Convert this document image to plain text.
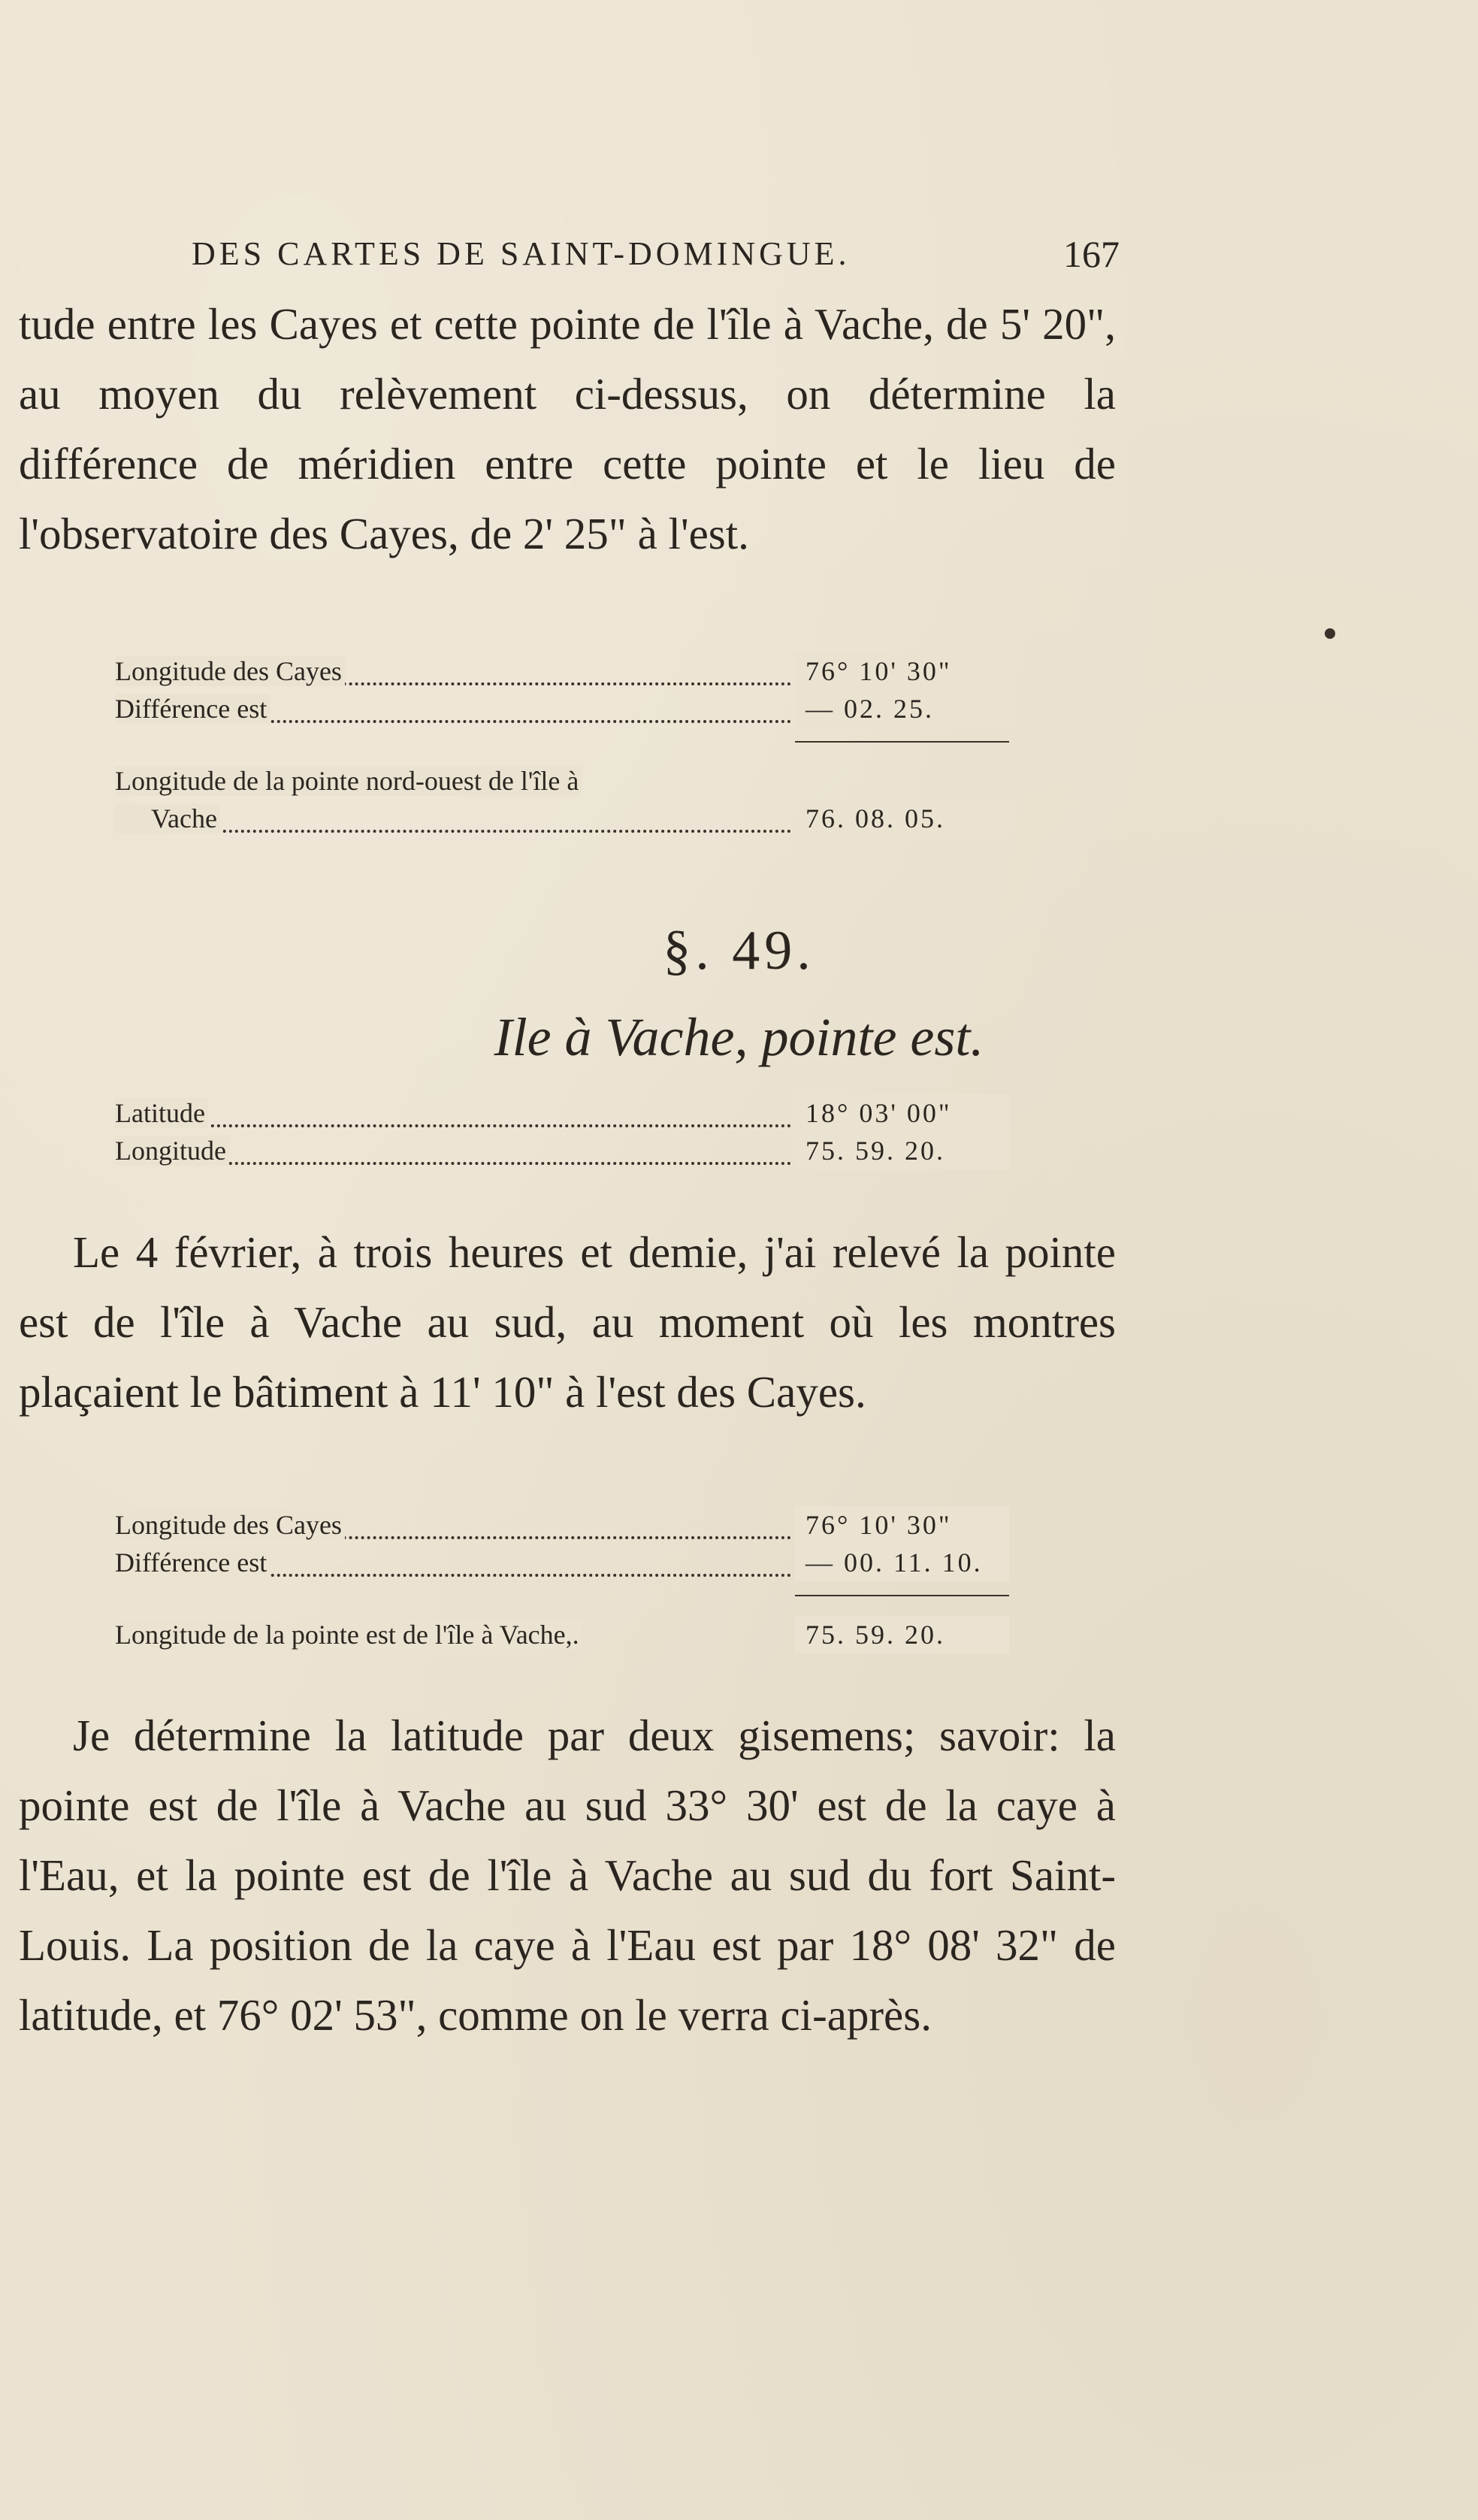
DES CARTES DE SAINT-DOMINGUE.	167

tude entre les Cayes et cette pointe de l'île à Vache, de 5' 20", au moyen du relèvement ci-dessus, on détermine la différence de méridien entre cette pointe et le lieu de l'observatoire des Cayes, de 2' 25" à l'est.

Longitude des Cayes	76° 10' 30"
Différence est	— 02. 25.
Longitude de la pointe nord-ouest de l'île à
Vache	76. 08. 05.
§. 49.
Ile à Vache, pointe est.
Latitude	18° 03' 00"
Longitude	75. 59. 20.

Le 4 février, à trois heures et demie, j'ai relevé la pointe est de l'île à Vache au sud, au moment où les montres plaçaient le bâtiment à 11' 10" à l'est des Cayes.

Longitude des Cayes	76° 10' 30"
Différence est	— 00. 11. 10.
Longitude de la pointe est de l'île à Vache,.	75. 59. 20.

Je détermine la latitude par deux gisemens; savoir: la pointe est de l'île à Vache au sud 33° 30' est de la caye à l'Eau, et la pointe est de l'île à Vache au sud du fort Saint-Louis. La position de la caye à l'Eau est par 18° 08' 32" de latitude, et 76° 02' 53", comme on le verra ci-après.
